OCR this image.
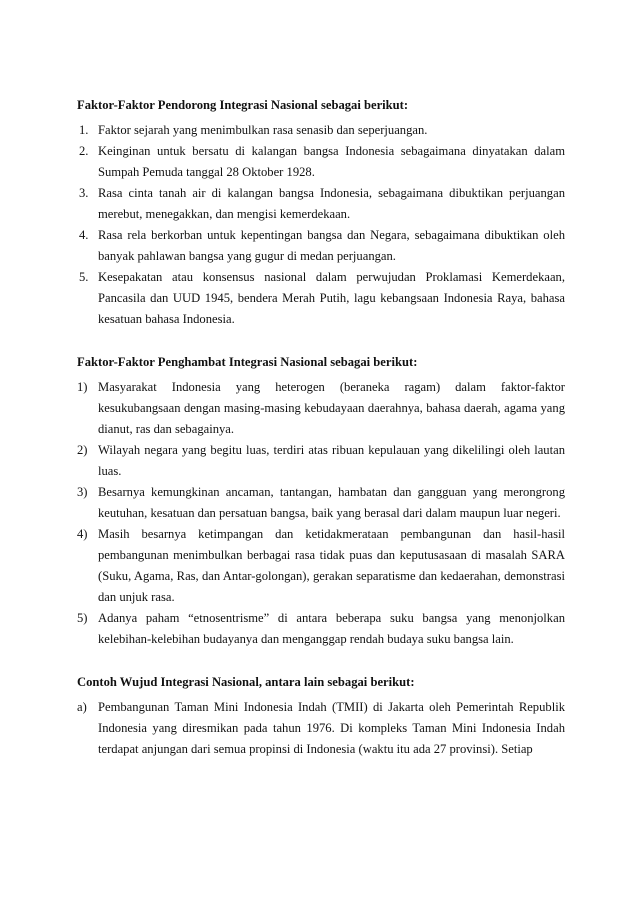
Faktor-Faktor Pendorong Integrasi Nasional sebagai berikut:
1. Faktor sejarah yang menimbulkan rasa senasib dan seperjuangan.
2. Keinginan untuk bersatu di kalangan bangsa Indonesia sebagaimana dinyatakan dalam Sumpah Pemuda tanggal 28 Oktober 1928.
3. Rasa cinta tanah air di kalangan bangsa Indonesia, sebagaimana dibuktikan perjuangan merebut, menegakkan, dan mengisi kemerdekaan.
4. Rasa rela berkorban untuk kepentingan bangsa dan Negara, sebagaimana dibuktikan oleh banyak pahlawan bangsa yang gugur di medan perjuangan.
5. Kesepakatan atau konsensus nasional dalam perwujudan Proklamasi Kemerdekaan, Pancasila dan UUD 1945, bendera Merah Putih, lagu kebangsaan Indonesia Raya, bahasa kesatuan bahasa Indonesia.
Faktor-Faktor Penghambat Integrasi Nasional sebagai berikut:
1) Masyarakat Indonesia yang heterogen (beraneka ragam) dalam faktor-faktor kesukubangsaan dengan masing-masing kebudayaan daerahnya, bahasa daerah, agama yang dianut, ras dan sebagainya.
2) Wilayah negara yang begitu luas, terdiri atas ribuan kepulauan yang dikelilingi oleh lautan luas.
3) Besarnya kemungkinan ancaman, tantangan, hambatan dan gangguan yang merongrong keutuhan, kesatuan dan persatuan bangsa, baik yang berasal dari dalam maupun luar negeri.
4) Masih besarnya ketimpangan dan ketidakmerataan pembangunan dan hasil-hasil pembangunan menimbulkan berbagai rasa tidak puas dan keputusasaan di masalah SARA (Suku, Agama, Ras, dan Antar-golongan), gerakan separatisme dan kedaerahan, demonstrasi dan unjuk rasa.
5) Adanya paham “etnosentrisme” di antara beberapa suku bangsa yang menonjolkan kelebihan-kelebihan budayanya dan menganggap rendah budaya suku bangsa lain.
Contoh Wujud Integrasi Nasional, antara lain sebagai berikut:
a) Pembangunan Taman Mini Indonesia Indah (TMII) di Jakarta oleh Pemerintah Republik Indonesia yang diresmikan pada tahun 1976. Di kompleks Taman Mini Indonesia Indah terdapat anjungan dari semua propinsi di Indonesia (waktu itu ada 27 provinsi). Setiap
